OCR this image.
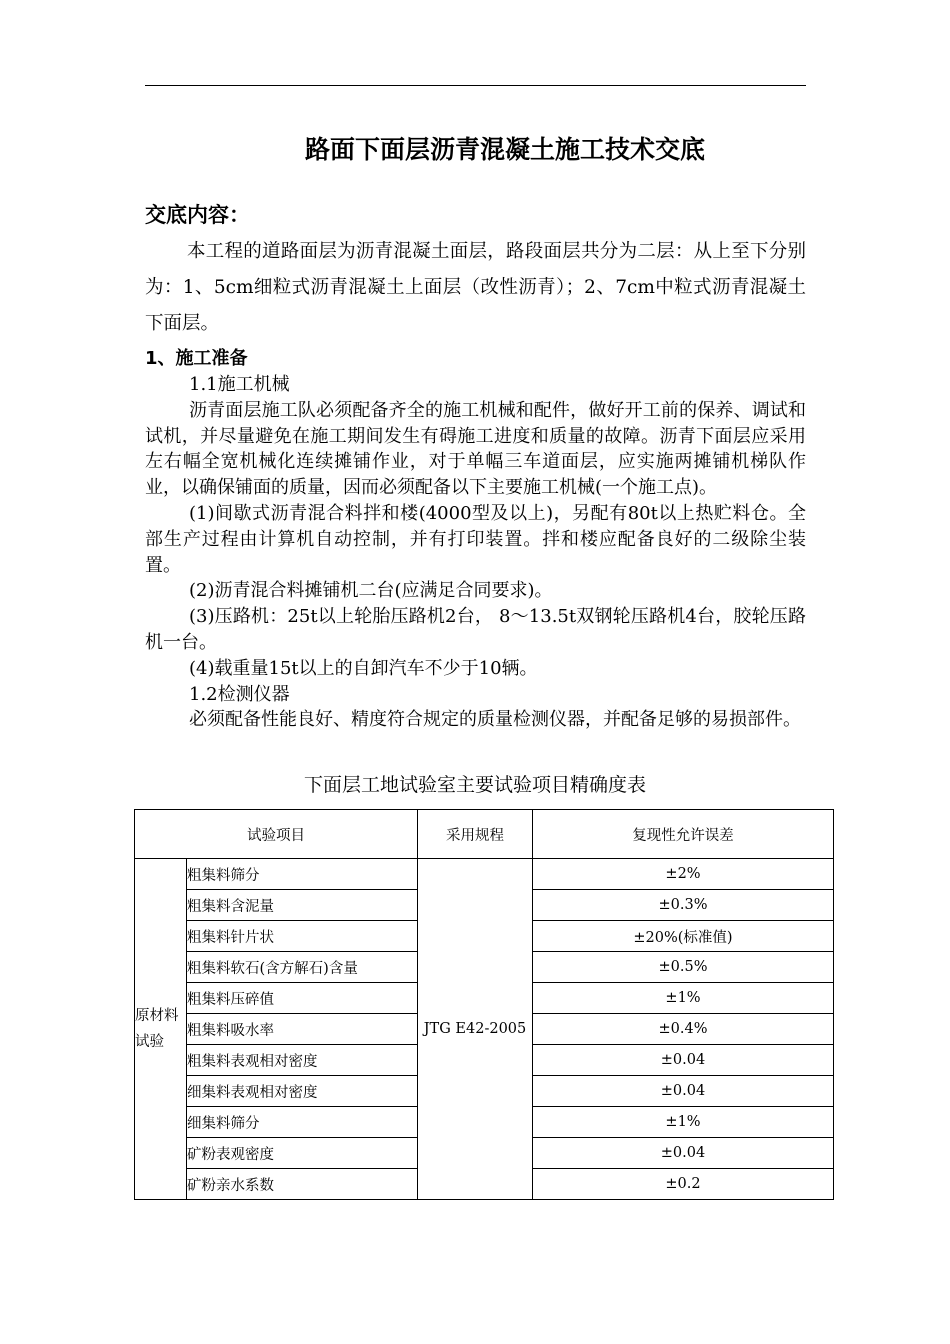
路面下面层沥青混凝土施工技术交底
交底内容：

本工程的道路面层为沥青混凝土面层，路段面层共分为二层：从上至下分别为：1、5cm细粒式沥青混凝土上面层（改性沥青）；2、7cm中粒式沥青混凝土下面层。

1、施工准备

1.1施工机械

沥青面层施工队必须配备齐全的施工机械和配件，做好开工前的保养、调试和试机，并尽量避免在施工期间发生有碍施工进度和质量的故障。沥青下面层应采用左右幅全宽机械化连续摊铺作业，对于单幅三车道面层，应实施两摊铺机梯队作业，以确保铺面的质量，因而必须配备以下主要施工机械(一个施工点)。

(1)间歇式沥青混合料拌和楼(4000型及以上)，另配有80t以上热贮料仓。全部生产过程由计算机自动控制，并有打印装置。拌和楼应配备良好的二级除尘装置。

(2)沥青混合料摊铺机二台(应满足合同要求)。

(3)压路机：25t以上轮胎压路机2台， 8～13.5t双钢轮压路机4台，胶轮压路机一台。

(4)载重量15t以上的自卸汽车不少于10辆。

1.2检测仪器

必须配备性能良好、精度符合规定的质量检测仪器，并配备足够的易损部件。

下面层工地试验室主要试验项目精确度表
试验项目		采用规程	复现性允许误差
原材料试验	粗集料筛分	JTG E42-2005	±2%
	粗集料含泥量		±0.3%
	粗集料针片状		±20%(标准值)
	粗集料软石(含方解石)含量		±0.5%
	粗集料压碎值		±1%
	粗集料吸水率		±0.4%
	粗集料表观相对密度		±0.04
	细集料表观相对密度		±0.04
	细集料筛分		±1%
	矿粉表观密度		±0.04
	矿粉亲水系数		±0.2
